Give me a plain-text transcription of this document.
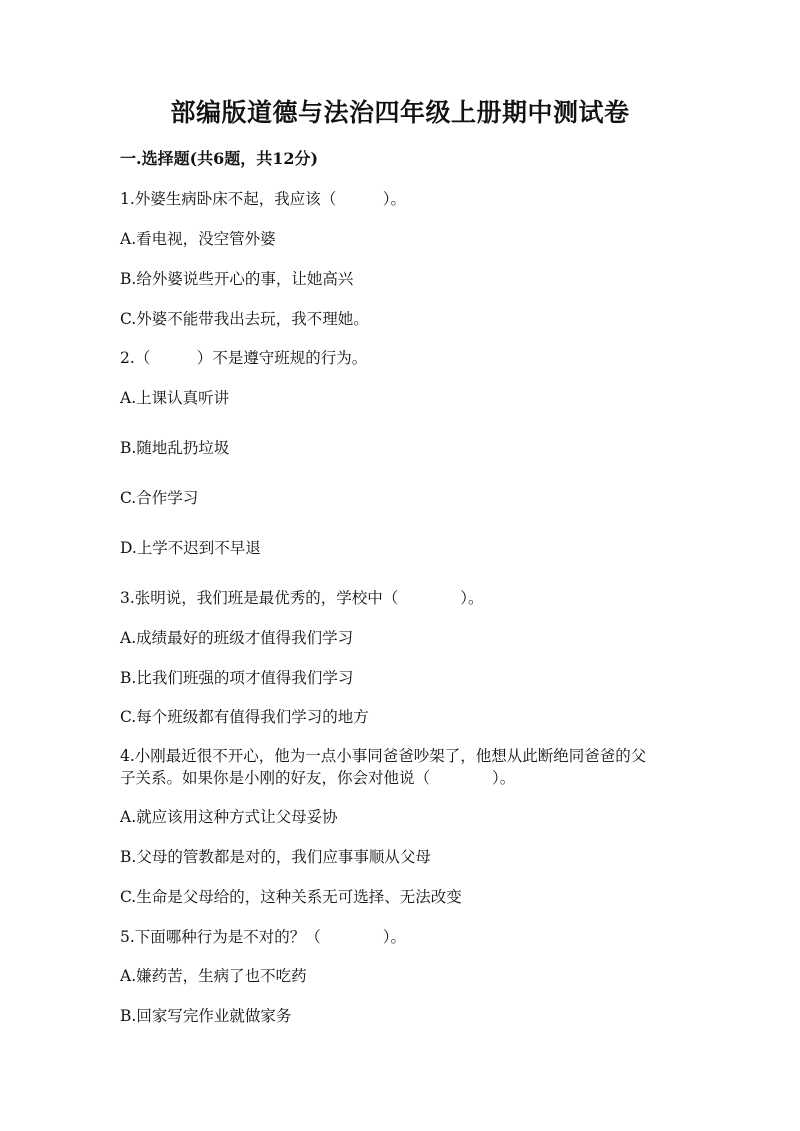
部编版道德与法治四年级上册期中测试卷
一.选择题(共6题，共12分)
1.外婆生病卧床不起，我应该（　　　）。
A.看电视，没空管外婆
B.给外婆说些开心的事，让她高兴
C.外婆不能带我出去玩，我不理她。
2.（　　　）不是遵守班规的行为。
A.上课认真听讲
B.随地乱扔垃圾
C.合作学习
D.上学不迟到不早退
3.张明说，我们班是最优秀的，学校中（　　　　）。
A.成绩最好的班级才值得我们学习
B.比我们班强的项才值得我们学习
C.每个班级都有值得我们学习的地方
4.小刚最近很不开心，他为一点小事同爸爸吵架了，他想从此断绝同爸爸的父
子关系。如果你是小刚的好友，你会对他说（　　　　）。
A.就应该用这种方式让父母妥协
B.父母的管教都是对的，我们应事事顺从父母
C.生命是父母给的，这种关系无可选择、无法改变
5.下面哪种行为是不对的？（　　　　）。
A.嫌药苦，生病了也不吃药
B.回家写完作业就做家务
